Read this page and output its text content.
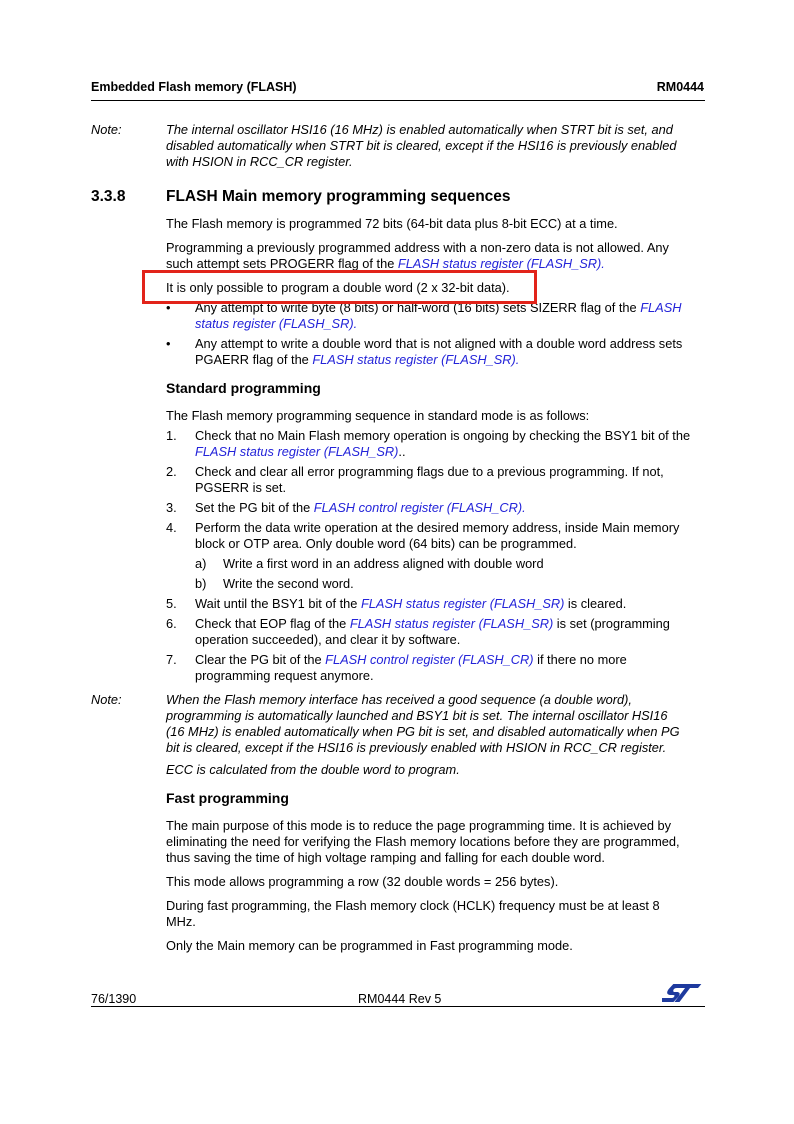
Embedded Flash memory (FLASH)	RM0444
Note:	The internal oscillator HSI16 (16 MHz) is enabled automatically when STRT bit is set, and
disabled automatically when STRT bit is cleared, except if the HSI16 is previously enabled
with HSION in RCC_CR register.
3.3.8	FLASH Main memory programming sequences
The Flash memory is programmed 72 bits (64-bit data plus 8-bit ECC) at a time.
Programming a previously programmed address with a non-zero data is not allowed. Any
such attempt sets PROGERR flag of the FLASH status register (FLASH_SR).
It is only possible to program a double word (2 x 32-bit data).
• Any attempt to write byte (8 bits) or half-word (16 bits) sets SIZERR flag of the FLASH
status register (FLASH_SR).
• Any attempt to write a double word that is not aligned with a double word address sets
PGAERR flag of the FLASH status register (FLASH_SR).
Standard programming
The Flash memory programming sequence in standard mode is as follows:
1. Check that no Main Flash memory operation is ongoing by checking the BSY1 bit of the
FLASH status register (FLASH_SR)..
2. Check and clear all error programming flags due to a previous programming. If not,
PGSERR is set.
3. Set the PG bit of the FLASH control register (FLASH_CR).
4. Perform the data write operation at the desired memory address, inside Main memory
block or OTP area. Only double word (64 bits) can be programmed.
a) Write a first word in an address aligned with double word
b) Write the second word.
5. Wait until the BSY1 bit of the FLASH status register (FLASH_SR) is cleared.
6. Check that EOP flag of the FLASH status register (FLASH_SR) is set (programming
operation succeeded), and clear it by software.
7. Clear the PG bit of the FLASH control register (FLASH_CR) if there no more
programming request anymore.
Note:	When the Flash memory interface has received a good sequence (a double word),
programming is automatically launched and BSY1 bit is set. The internal oscillator HSI16
(16 MHz) is enabled automatically when PG bit is set, and disabled automatically when PG
bit is cleared, except if the HSI16 is previously enabled with HSION in RCC_CR register.
ECC is calculated from the double word to program.
Fast programming
The main purpose of this mode is to reduce the page programming time. It is achieved by
eliminating the need for verifying the Flash memory locations before they are programmed,
thus saving the time of high voltage ramping and falling for each double word.
This mode allows programming a row (32 double words = 256 bytes).
During fast programming, the Flash memory clock (HCLK) frequency must be at least 8
MHz.
Only the Main memory can be programmed in Fast programming mode.
76/1390	RM0444 Rev 5
